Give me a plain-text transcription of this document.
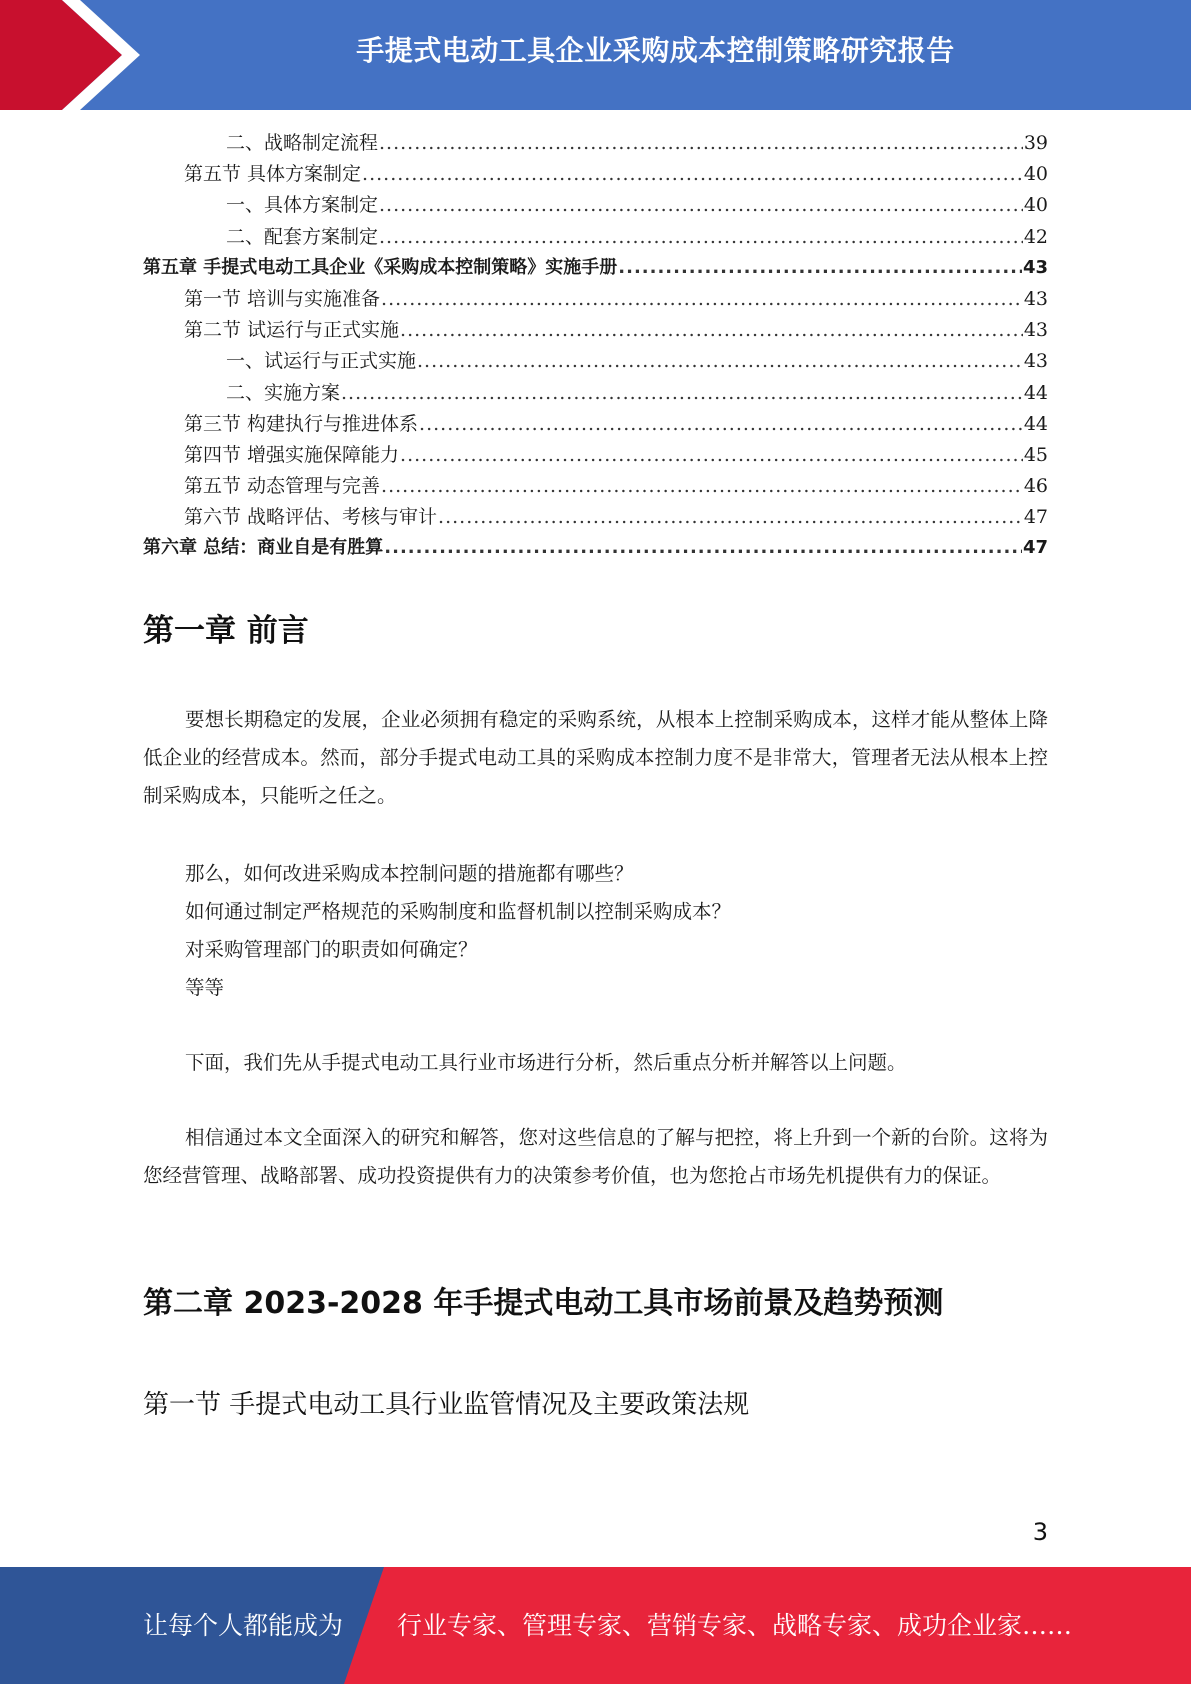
手提式电动工具企业采购成本控制策略研究报告
二、战略制定流程 .....	39
第五节 具体方案制定 .....	40
一、具体方案制定 .....	40
二、配套方案制定 .....	42
第五章 手提式电动工具企业《采购成本控制策略》实施手册 .....	43
第一节 培训与实施准备 .....	43
第二节 试运行与正式实施 .....	43
一、试运行与正式实施 .....	43
二、实施方案 .....	44
第三节 构建执行与推进体系 .....	44
第四节 增强实施保障能力 .....	45
第五节 动态管理与完善 .....	46
第六节 战略评估、考核与审计 .....	47
第六章 总结：商业自是有胜算 .....	47
第一章 前言
要想长期稳定的发展，企业必须拥有稳定的采购系统，从根本上控制采购成本，这样才能从整体上降低企业的经营成本。然而，部分手提式电动工具的采购成本控制力度不是非常大，管理者无法从根本上控制采购成本，只能听之任之。
那么，如何改进采购成本控制问题的措施都有哪些？
如何通过制定严格规范的采购制度和监督机制以控制采购成本？
对采购管理部门的职责如何确定？
等等
下面，我们先从手提式电动工具行业市场进行分析，然后重点分析并解答以上问题。
相信通过本文全面深入的研究和解答，您对这些信息的了解与把控，将上升到一个新的台阶。这将为您经营管理、战略部署、成功投资提供有力的决策参考价值，也为您抢占市场先机提供有力的保证。
第二章 2023-2028 年手提式电动工具市场前景及趋势预测
第一节 手提式电动工具行业监管情况及主要政策法规
3
让每个人都能成为 行业专家、管理专家、营销专家、战略专家、成功企业家……
